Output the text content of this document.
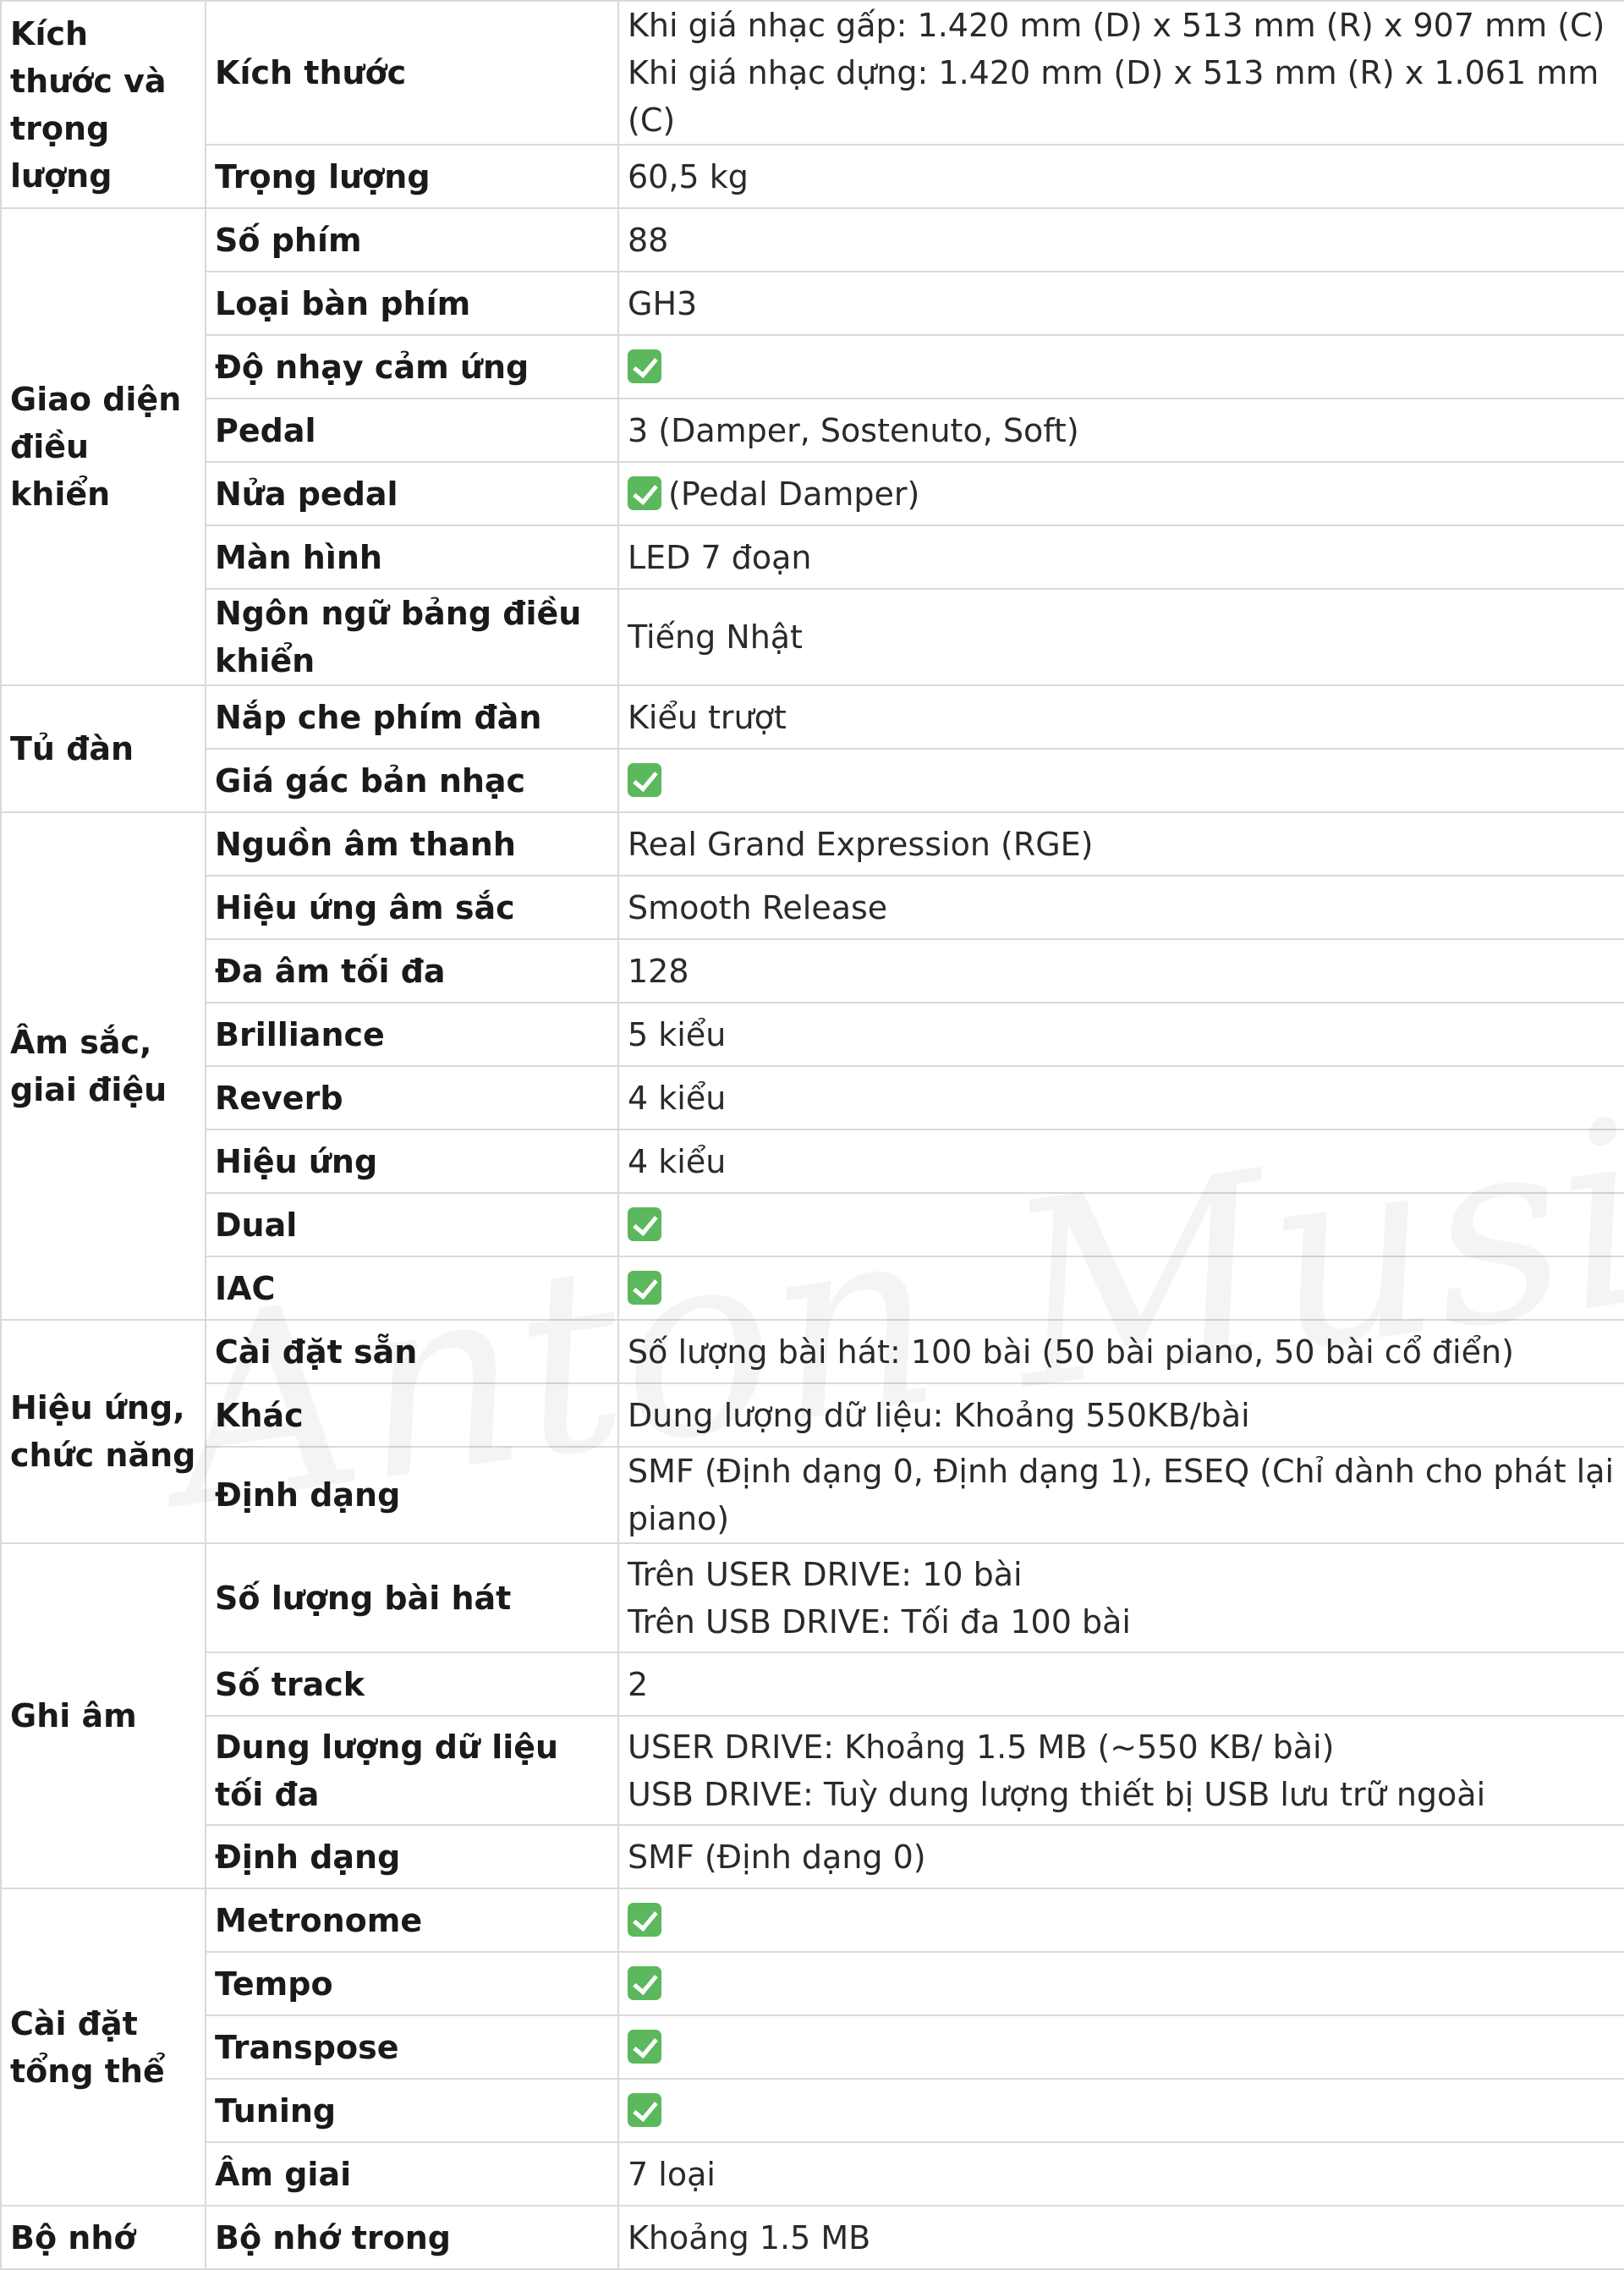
Kích thước và trọng lượng	Kích thước	Khi giá nhạc gấp: 1.420 mm (D) x 513 mm (R) x 907 mm (C)
Khi giá nhạc dựng: 1.420 mm (D) x 513 mm (R) x 1.061 mm (C)

	Trọng lượng	60,5 kg
Giao diện điều khiển	Số phím	88
	Loại bàn phím	GH3
	Độ nhạy cảm ứng	
	Pedal	3 (Damper, Sostenuto, Soft)
	Nửa pedal	(Pedal Damper)
	Màn hình	LED 7 đoạn
	Ngôn ngữ bảng điều khiển	Tiếng Nhật
Tủ đàn	Nắp che phím đàn	Kiểu trượt
	Giá gác bản nhạc	
Âm sắc, giai điệu	Nguồn âm thanh	Real Grand Expression (RGE)
	Hiệu ứng âm sắc	Smooth Release
	Đa âm tối đa	128
	Brilliance	5 kiểu
	Reverb	4 kiểu
	Hiệu ứng	4 kiểu
	Dual	
	IAC	
Hiệu ứng, chức năng	Cài đặt sẵn	Số lượng bài hát: 100 bài (50 bài piano, 50 bài cổ điển)
	Khác	Dung lượng dữ liệu: Khoảng 550KB/bài
	Định dạng	SMF (Định dạng 0, Định dạng 1), ESEQ (Chỉ dành cho phát lại piano)
Ghi âm	Số lượng bài hát	Trên USER DRIVE: 10 bài
Trên USB DRIVE: Tối đa 100 bài

	Số track	2
	Dung lượng dữ liệu tối đa	USER DRIVE: Khoảng 1.5 MB (~550 KB/ bài)
USB DRIVE: Tuỳ dung lượng thiết bị USB lưu trữ ngoài

	Định dạng	SMF (Định dạng 0)
Cài đặt tổng thể	Metronome	
	Tempo	
	Transpose	
	Tuning	
	Âm giai	7 loại
Bộ nhớ	Bộ nhớ trong	Khoảng 1.5 MB
